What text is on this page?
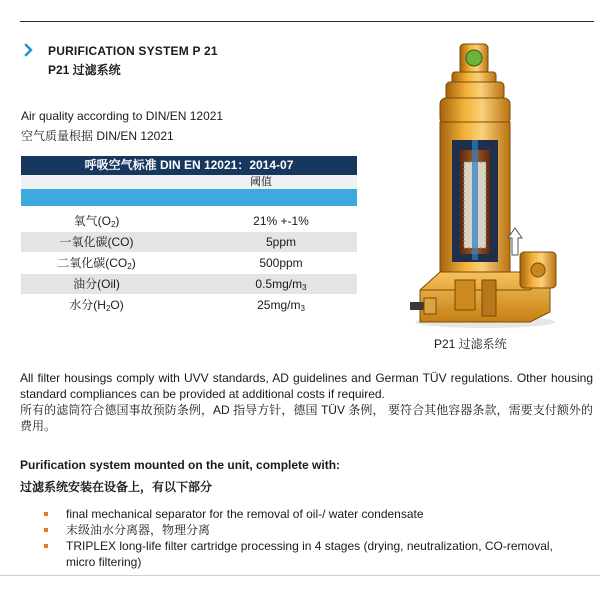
PURIFICATION SYSTEM P 21
P21 过滤系统
Air quality according to DIN/EN 12021
空气质量根据 DIN/EN 12021
呼吸空气标准 DIN EN 12021：2014-07
阈值
氧气(O2)	21% +-1%
一氧化碳(CO)	5ppm
二氧化碳(CO2)	500ppm
油分(Oil)	0.5mg/m3
水分(H2O)	25mg/m3
P21 过滤系统

All filter housings comply with UVV standards, AD guidelines and German TÜV regulations. Other housing standard compliances can be provided at additional costs if required.

所有的滤筒符合德国事故预防条例，AD 指导方针，德国 TÜV 条例， 要符合其他容器条款，需要支付额外的费用。

Purification system mounted on the unit, complete with:
过滤系统安装在设备上，有以下部分
final mechanical separator for the removal of oil-/ water condensate
末级油水分离器，物理分离
TRIPLEX long-life filter cartridge processing in 4 stages (drying, neutralization, CO-removal, micro filtering)
